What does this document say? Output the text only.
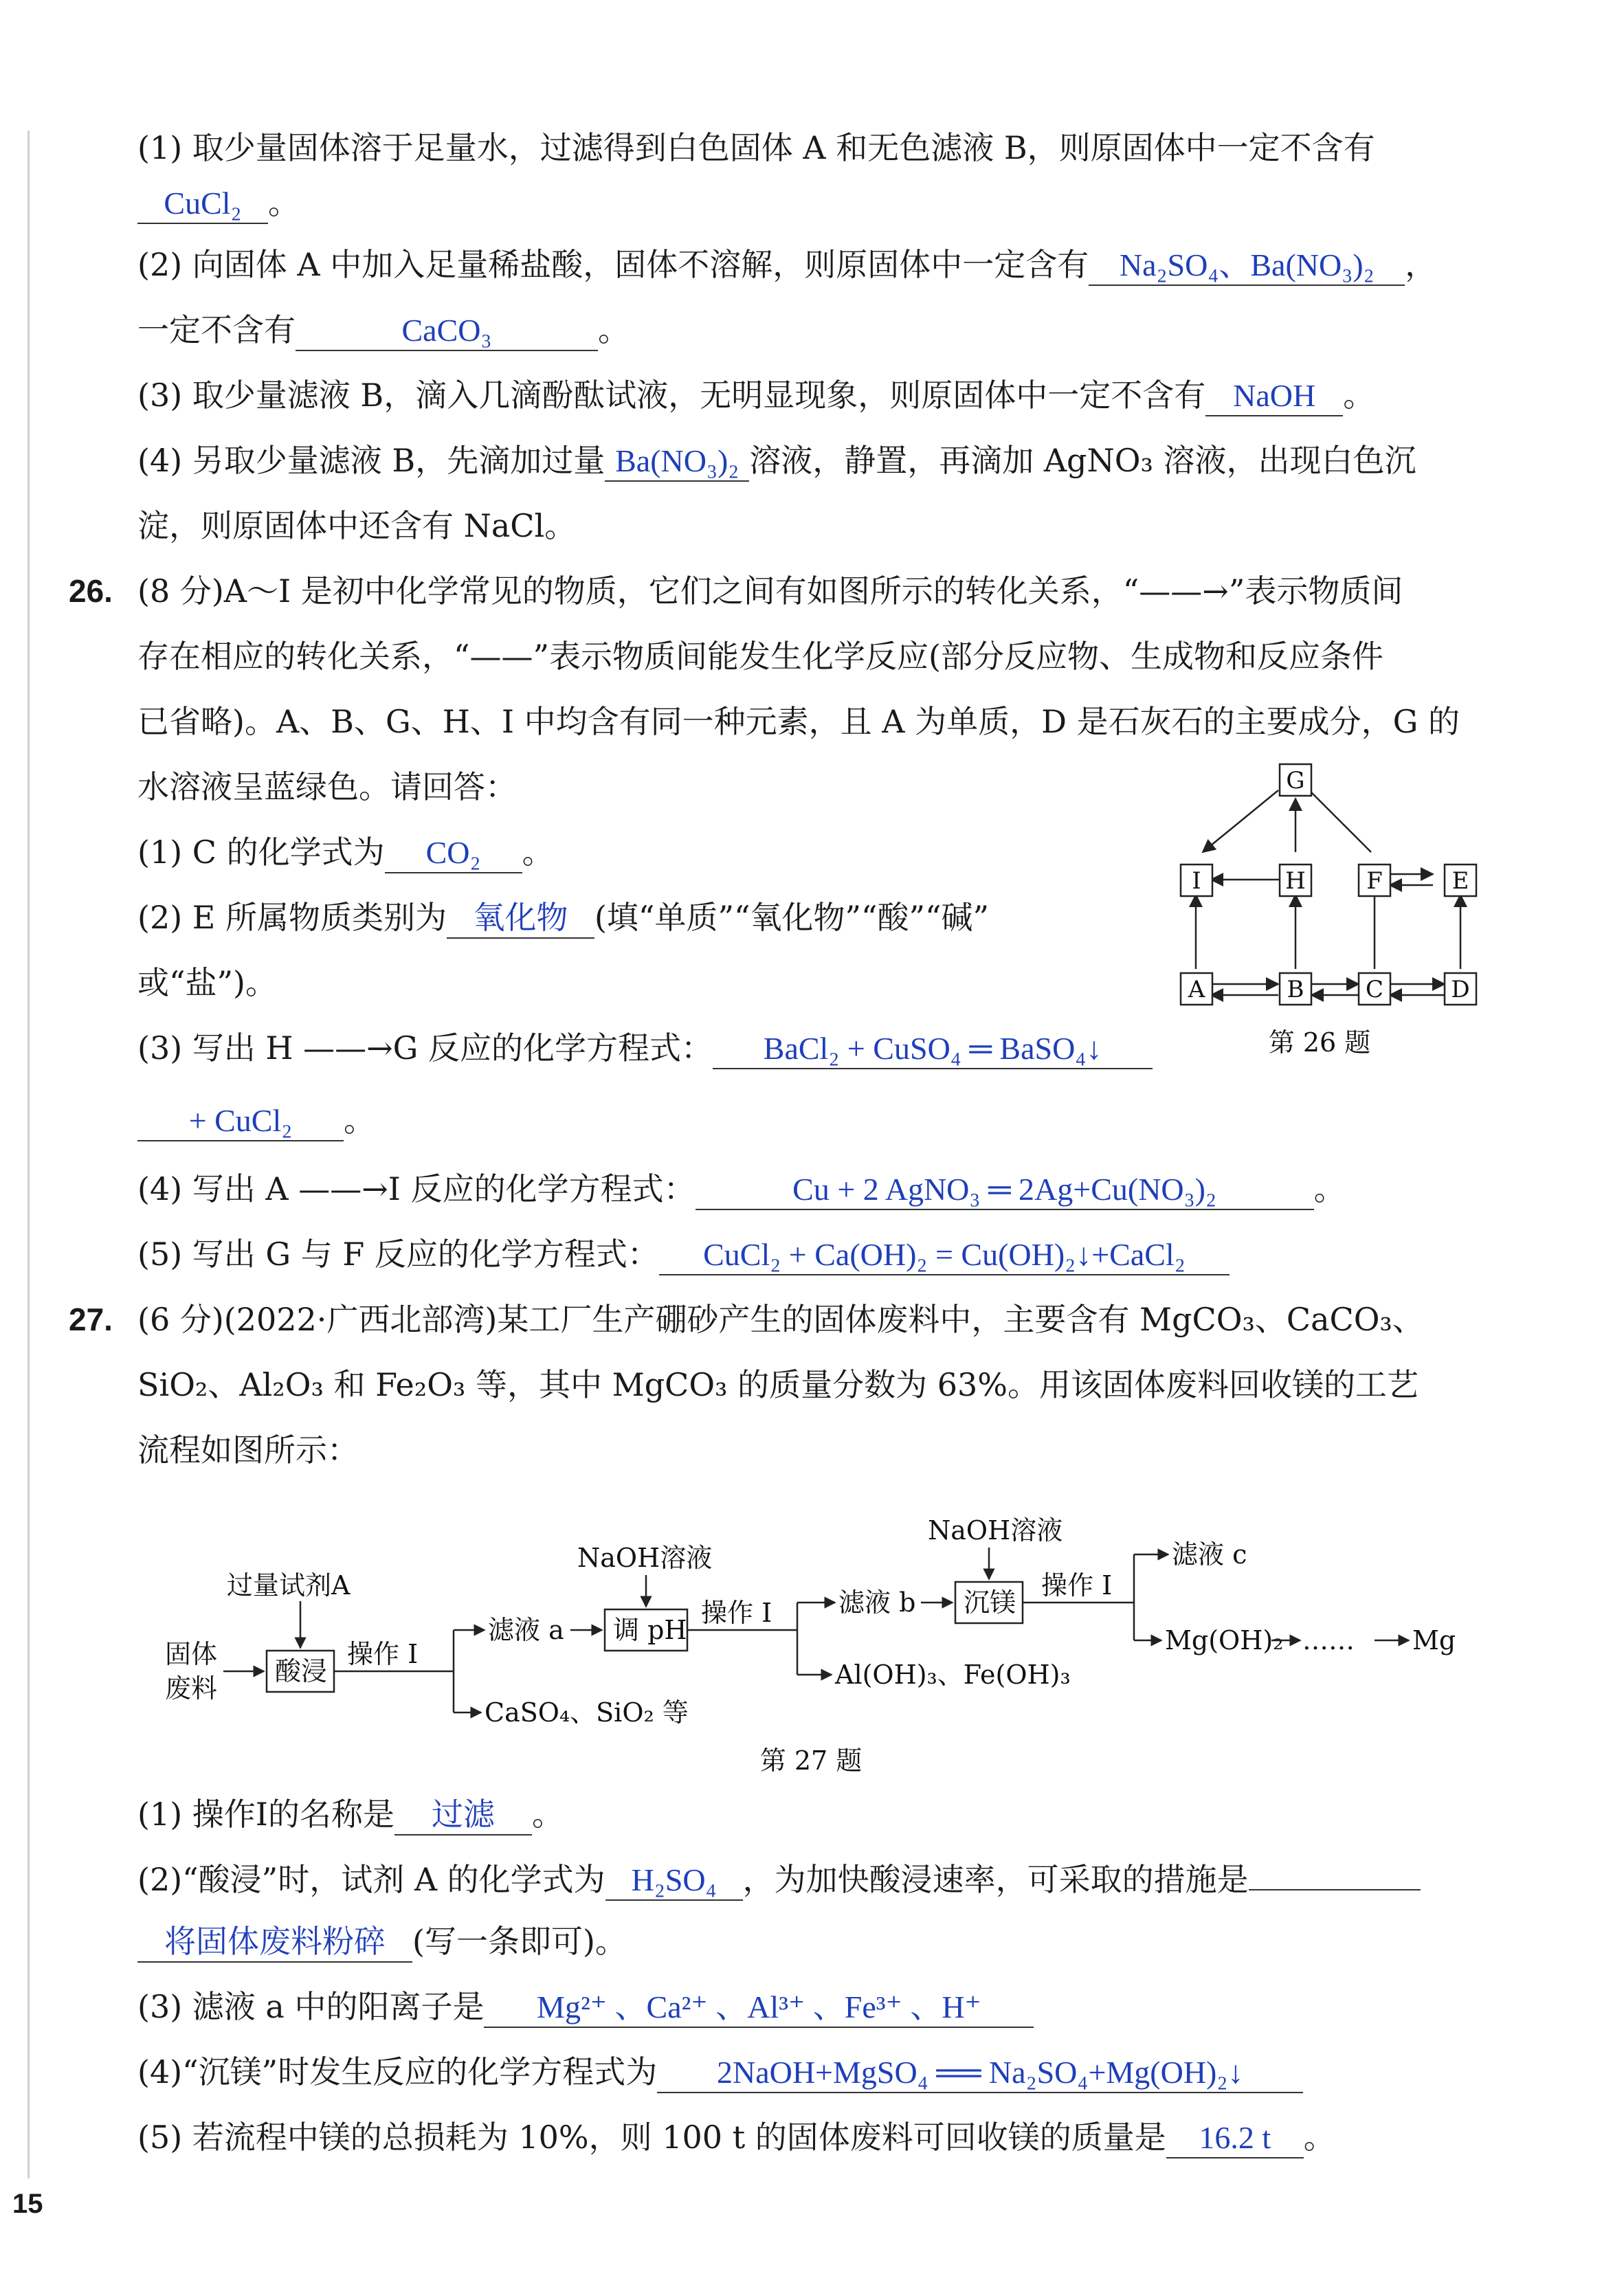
(1) 取少量固体溶于足量水，过滤得到白色固体 A 和无色滤液 B，则原固体中一定不含有
CuCl₂ 。
(2) 向固体 A 中加入足量稀盐酸，固体不溶解，则原固体中一定含有 Na₂SO₄、Ba(NO₃)₂ ，
一定不含有	CaCO₃	。
(3) 取少量滤液 B，滴入几滴酚酞试液，无明显现象，则原固体中一定不含有 NaOH 。
(4) 另取少量滤液 B，先滴加过量 Ba(NO₃)₂ 溶液，静置，再滴加 AgNO₃ 溶液，出现白色沉
淀，则原固体中还含有 NaCl。
26. (8 分)A～I 是初中化学常见的物质，它们之间有如图所示的转化关系，“——→”表示物质间
存在相应的转化关系，“——”表示物质间能发生化学反应(部分反应物、生成物和反应条件
已省略)。A、B、G、H、I 中均含有同一种元素，且 A 为单质，D 是石灰石的主要成分，G 的
水溶液呈蓝绿色。请回答：
(1) C 的化学式为 CO₂ 。
(2) E 所属物质类别为 氧化物 (填“单质”“氧化物”“酸”“碱”
或“盐”)。
(3) 写出 H ——→G 反应的化学方程式： BaCl₂ + CuSO₄ ═ BaSO₄↓
+ CuCl₂ 。
(4) 写出 A ——→I 反应的化学方程式：	Cu + 2 AgNO₃ ═ 2Ag+Cu(NO₃)₂	。
(5) 写出 G 与 F 反应的化学方程式： CuCl₂ + Ca(OH)₂ = Cu(OH)₂↓+CaCl₂
G
I	H	F	E
A	B	C	D
第 26 题
27. (6 分)(2022·广西北部湾)某工厂生产硼砂产生的固体废料中，主要含有 MgCO₃、CaCO₃、
SiO₂、Al₂O₃ 和 Fe₂O₃ 等，其中 MgCO₃ 的质量分数为 63%。用该固体废料回收镁的工艺
流程如图所示：
过量试剂A
固体
废料
酸浸
操作 I
滤液 a
CaSO₄、SiO₂ 等
NaOH溶液
调 pH
操作 I	滤液 b
Al(OH)₃、Fe(OH)₃
NaOH溶液
沉镁
操作 I
滤液 c
Mg(OH)₂ …… Mg
第 27 题
(1) 操作Ⅰ的名称是 过滤 。
(2)“酸浸”时，试剂 A 的化学式为 H₂SO₄ ，为加快酸浸速率，可采取的措施是
将固体废料粉碎 (写一条即可)。
(3) 滤液 a 中的阳离子是 Mg²⁺ 、Ca²⁺ 、Al³⁺ 、Fe³⁺ 、H⁺
(4)“沉镁”时发生反应的化学方程式为 2NaOH+MgSO₄ ══ Na₂SO₄+Mg(OH)₂↓
(5) 若流程中镁的总损耗为 10%，则 100 t 的固体废料可回收镁的质量是 16.2 t 。
15
